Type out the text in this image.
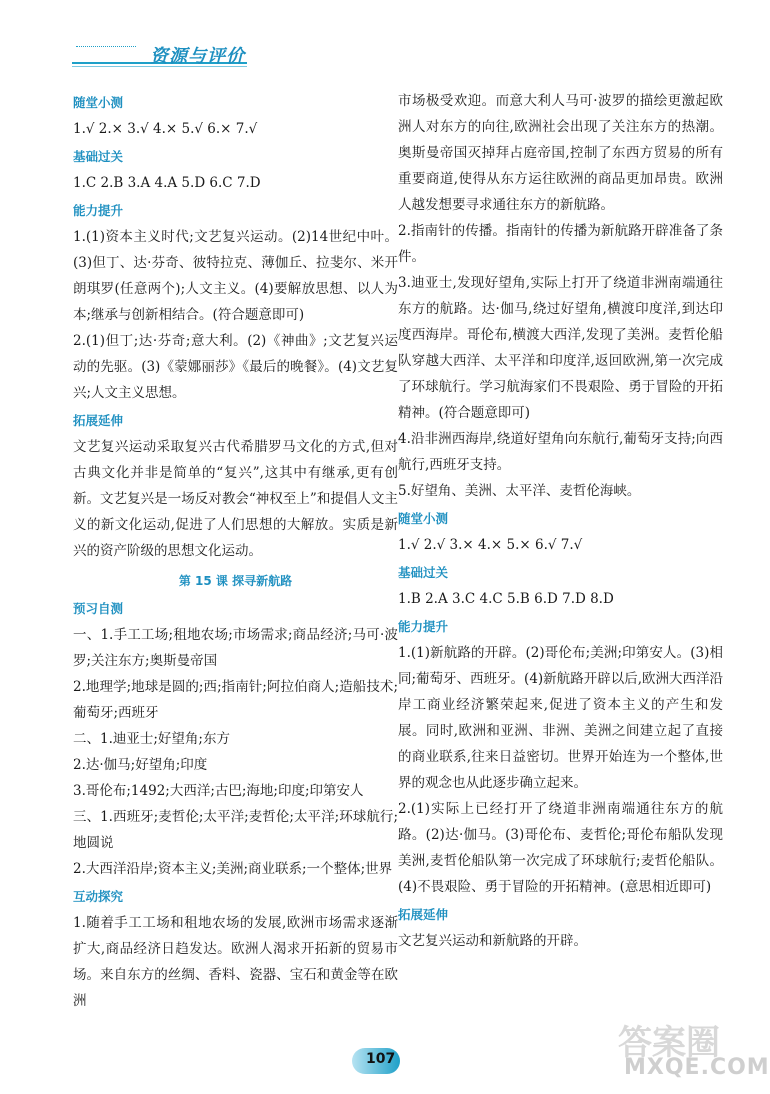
资源与评价
随堂小测
1.√ 2.× 3.√ 4.× 5.√ 6.× 7.√
基础过关
1.C 2.B 3.A 4.A 5.D 6.C 7.D
能力提升
1.(1)资本主义时代;文艺复兴运动。(2)14世纪中叶。(3)但丁、达·芬奇、彼特拉克、薄伽丘、拉斐尔、米开朗琪罗(任意两个);人文主义。(4)要解放思想、以人为本;继承与创新相结合。(符合题意即可)
2.(1)但丁;达·芬奇;意大利。(2)《神曲》;文艺复兴运动的先驱。(3)《蒙娜丽莎》《最后的晚餐》。(4)文艺复兴;人文主义思想。
拓展延伸
文艺复兴运动采取复兴古代希腊罗马文化的方式,但对古典文化并非是简单的“复兴”,这其中有继承,更有创新。文艺复兴是一场反对教会“神权至上”和提倡人文主义的新文化运动,促进了人们思想的大解放。实质是新兴的资产阶级的思想文化运动。
第 15 课 探寻新航路
预习自测
一、1.手工工场;租地农场;市场需求;商品经济;马可·波罗;关注东方;奥斯曼帝国
2.地理学;地球是圆的;西;指南针;阿拉伯商人;造船技术;葡萄牙;西班牙
二、1.迪亚士;好望角;东方
2.达·伽马;好望角;印度
3.哥伦布;1492;大西洋;古巴;海地;印度;印第安人
三、1.西班牙;麦哲伦;太平洋;麦哲伦;太平洋;环球航行;地圆说
2.大西洋沿岸;资本主义;美洲;商业联系;一个整体;世界
互动探究
1.随着手工工场和租地农场的发展,欧洲市场需求逐渐扩大,商品经济日趋发达。欧洲人渴求开拓新的贸易市场。来自东方的丝绸、香料、瓷器、宝石和黄金等在欧洲
市场极受欢迎。而意大利人马可·波罗的描绘更激起欧洲人对东方的向往,欧洲社会出现了关注东方的热潮。奥斯曼帝国灭掉拜占庭帝国,控制了东西方贸易的所有重要商道,使得从东方运往欧洲的商品更加昂贵。欧洲人越发想要寻求通往东方的新航路。
2.指南针的传播。指南针的传播为新航路开辟准备了条件。
3.迪亚士,发现好望角,实际上打开了绕道非洲南端通往东方的航路。达·伽马,绕过好望角,横渡印度洋,到达印度西海岸。哥伦布,横渡大西洋,发现了美洲。麦哲伦船队穿越大西洋、太平洋和印度洋,返回欧洲,第一次完成了环球航行。学习航海家们不畏艰险、勇于冒险的开拓精神。(符合题意即可)
4.沿非洲西海岸,绕道好望角向东航行,葡萄牙支持;向西航行,西班牙支持。
5.好望角、美洲、太平洋、麦哲伦海峡。
随堂小测
1.√ 2.√ 3.× 4.× 5.× 6.√ 7.√
基础过关
1.B 2.A 3.C 4.C 5.B 6.D 7.D 8.D
能力提升
1.(1)新航路的开辟。(2)哥伦布;美洲;印第安人。(3)相同;葡萄牙、西班牙。(4)新航路开辟以后,欧洲大西洋沿岸工商业经济繁荣起来,促进了资本主义的产生和发展。同时,欧洲和亚洲、非洲、美洲之间建立起了直接的商业联系,往来日益密切。世界开始连为一个整体,世界的观念也从此逐步确立起来。
2.(1)实际上已经打开了绕道非洲南端通往东方的航路。(2)达·伽马。(3)哥伦布、麦哲伦;哥伦布船队发现美洲,麦哲伦船队第一次完成了环球航行;麦哲伦船队。(4)不畏艰险、勇于冒险的开拓精神。(意思相近即可)
拓展延伸
文艺复兴运动和新航路的开辟。
107	答案圈
MXQE.COM
